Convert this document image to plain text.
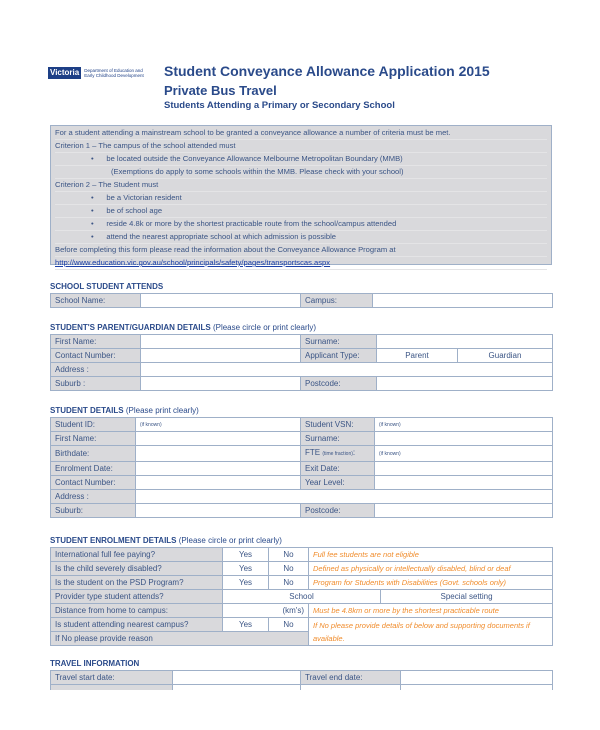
Victoria	Department of Education and Early Childhood Development	Student Conveyance Allowance Application 2015
Private Bus Travel
Students Attending a Primary or Secondary School
For a student attending a mainstream school to be granted a conveyance allowance a number of criteria must be met.
Criterion 1 – The campus of the school attended must
• be located outside the Conveyance Allowance Melbourne Metropolitan Boundary (MMB)
(Exemptions do apply to some schools within the MMB. Please check with your school)
Criterion 2 – The Student must
• be a Victorian resident
• be of school age
• reside 4.8k or more by the shortest practicable route from the school/campus attended
• attend the nearest appropriate school at which admission is possible
Before completing this form please read the information about the Conveyance Allowance Program at
http://www.education.vic.gov.au/school/principals/safety/pages/transportscas.aspx
SCHOOL STUDENT ATTENDS
School Name:		Campus:	
STUDENT'S PARENT/GUARDIAN DETAILS (Please circle or print clearly)
First Name:		Surname:		
Contact Number:		Applicant Type:	Parent	Guardian
Address :				
Suburb :		Postcode:		
STUDENT DETAILS (Please print clearly)
Student ID:	(if known)	Student VSN:	(if known)

First Name:		Surname:	
Birthdate:		FTE (time fraction):	(if known)

Enrolment Date:		Exit Date:	
Contact Number:		Year Level:	
Address :			
Suburb:		Postcode:	
STUDENT ENROLMENT DETAILS (Please circle or print clearly)
International full fee paying?	Yes	No	Full fee students are not eligible	
Is the child severely disabled?	Yes	No	Defined as physically or intellectually disabled, blind or deaf	
Is the student on the PSD Program?	Yes	No	Program for Students with Disabilities (Govt. schools only)	
Provider type student attends?	School			Special setting
Distance from home to campus:	(km's)		Must be 4.8km or more by the shortest practicable route	
Is student attending nearest campus?	Yes	No	If No please provide details of below and supporting documents if available.	
If No please provide reason				
TRAVEL INFORMATION
Travel start date:		Travel end date:	
